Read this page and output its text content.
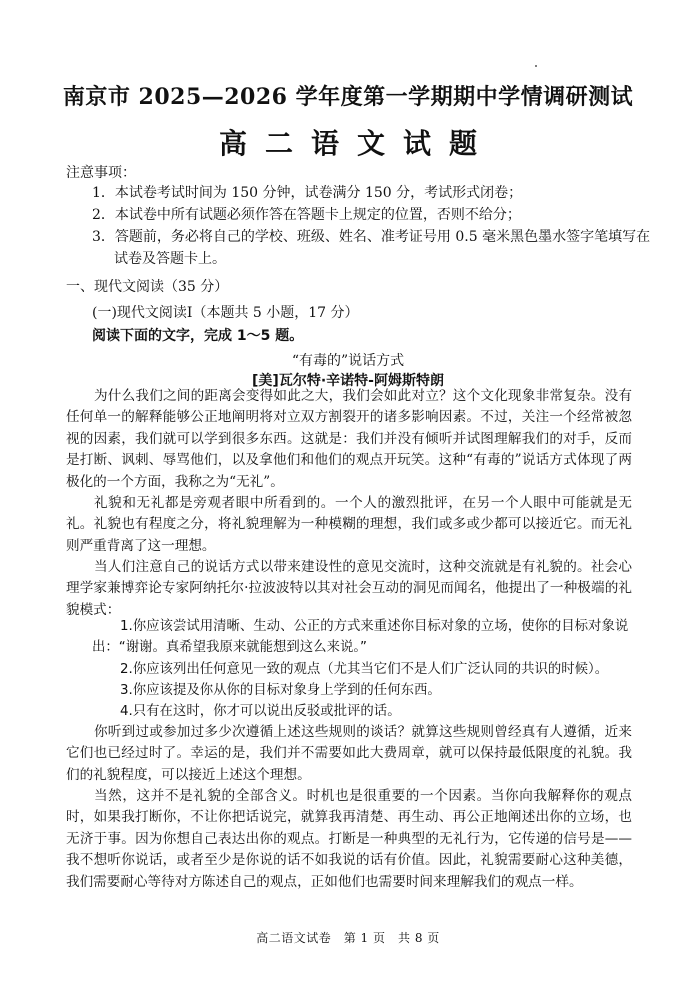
南京市 2025—2026 学年度第一学期期中学情调研测试
高二语文试题
注意事项：
1．本试卷考试时间为 150 分钟，试卷满分 150 分，考试形式闭卷；
2．本试卷中所有试题必须作答在答题卡上规定的位置，否则不给分；
3．答题前，务必将自己的学校、班级、姓名、准考证号用 0.5 毫米黑色墨水签字笔填写在试卷及答题卡上。
一、现代文阅读（35 分）
(一)现代文阅读Ⅰ（本题共 5 小题，17 分）
阅读下面的文字，完成 1～5 题。
“有毒的”说话方式
[美]瓦尔特·辛诺特-阿姆斯特朗
为什么我们之间的距离会变得如此之大，我们会如此对立？这个文化现象非常复杂。没有任何单一的解释能够公正地阐明将对立双方割裂开的诸多影响因素。不过，关注一个经常被忽视的因素，我们就可以学到很多东西。这就是：我们并没有倾听并试图理解我们的对手，反而是打断、讽刺、辱骂他们，以及拿他们和他们的观点开玩笑。这种“有毒的”说话方式体现了两极化的一个方面，我称之为“无礼”。
礼貌和无礼都是旁观者眼中所看到的。一个人的激烈批评，在另一个人眼中可能就是无礼。礼貌也有程度之分，将礼貌理解为一种模糊的理想，我们或多或少都可以接近它。而无礼则严重背离了这一理想。
当人们注意自己的说话方式以带来建设性的意见交流时，这种交流就是有礼貌的。社会心理学家兼博弈论专家阿纳托尔·拉波波特以其对社会互动的洞见而闻名，他提出了一种极端的礼貌模式：
1.你应该尝试用清晰、生动、公正的方式来重述你目标对象的立场，使你的目标对象说出：“谢谢。真希望我原来就能想到这么来说。”
2.你应该列出任何意见一致的观点（尤其当它们不是人们广泛认同的共识的时候）。
3.你应该提及你从你的目标对象身上学到的任何东西。
4.只有在这时，你才可以说出反驳或批评的话。
你听到过或参加过多少次遵循上述这些规则的谈话？就算这些规则曾经真有人遵循，近来它们也已经过时了。幸运的是，我们并不需要如此大费周章，就可以保持最低限度的礼貌。我们的礼貌程度，可以接近上述这个理想。
当然，这并不是礼貌的全部含义。时机也是很重要的一个因素。当你向我解释你的观点时，如果我打断你，不让你把话说完，就算我再清楚、再生动、再公正地阐述出你的立场，也无济于事。因为你想自己表达出你的观点。打断是一种典型的无礼行为，它传递的信号是——我不想听你说话，或者至少是你说的话不如我说的话有价值。因此，礼貌需要耐心这种美德，我们需要耐心等待对方陈述自己的观点，正如他们也需要时间来理解我们的观点一样。
高二语文试卷　第 1 页　共 8 页
